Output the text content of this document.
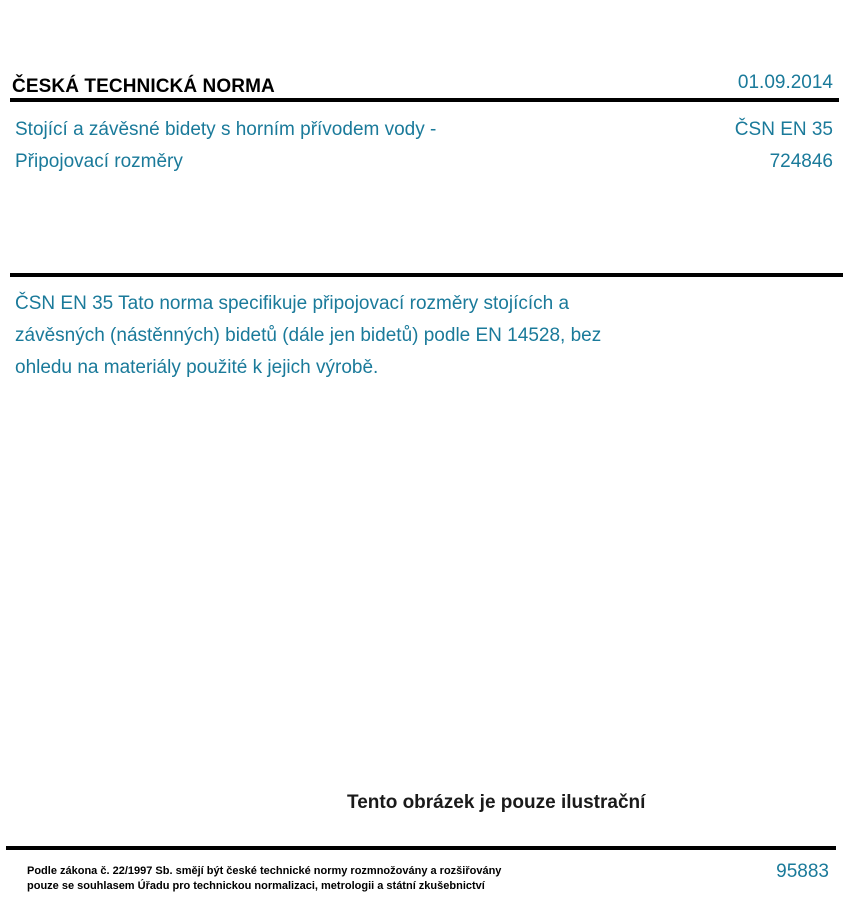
ČESKÁ TECHNICKÁ NORMA	01.09.2014
Stojící a závěsné bidety s horním přívodem vody - Připojovací rozměry
ČSN EN 35
724846
ČSN EN 35 Tato norma specifikuje připojovací rozměry stojících a závěsných (nástěnných) bidetů (dále jen bidetů) podle EN 14528, bez ohledu na materiály použité k jejich výrobě.
Tento obrázek je pouze ilustrační
Podle zákona č. 22/1997 Sb. smějí být české technické normy rozmnožovány a rozšiřovány
pouze se souhlasem Úřadu pro technickou normalizaci, metrologii a státní zkušebnictví
95883
